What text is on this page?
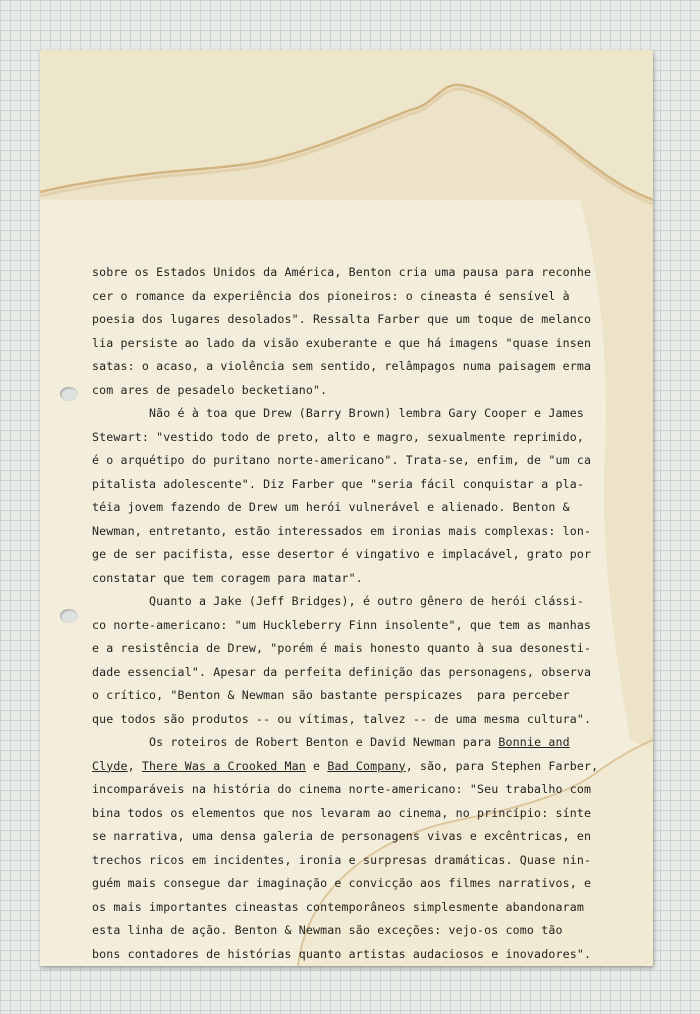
sobre os Estados Unidos da América, Benton cria uma pausa para reconhe
cer o romance da experiência dos pioneiros: o cineasta é sensível à
poesia dos lugares desolados". Ressalta Farber que um toque de melanco
lia persiste ao lado da visão exuberante e que há imagens "quase insen
satas: o acaso, a violência sem sentido, relâmpagos numa paisagem erma
com ares de pesadelo becketiano".
Não é à toa que Drew (Barry Brown) lembra Gary Cooper e James
Stewart: "vestido todo de preto, alto e magro, sexualmente reprimido,
é o arquétipo do puritano norte-americano". Trata-se, enfim, de "um ca
pitalista adolescente". Diz Farber que "seria fácil conquistar a pla-
téia jovem fazendo de Drew um herói vulnerável e alienado. Benton &
Newman, entretanto, estão interessados em ironias mais complexas: lon-
ge de ser pacifista, esse desertor é vingativo e implacável, grato por
constatar que tem coragem para matar".
Quanto a Jake (Jeff Bridges), é outro gênero de herói clássi-
co norte-americano: "um Huckleberry Finn insolente", que tem as manhas
e a resistência de Drew, "porém é mais honesto quanto à sua desonesti-
dade essencial". Apesar da perfeita definição das personagens, observa
o crítico, "Benton & Newman são bastante perspicazes  para perceber
que todos são produtos -- ou vítimas, talvez -- de uma mesma cultura".
Os roteiros de Robert Benton e David Newman para Bonnie and
Clyde, There Was a Crooked Man e Bad Company, são, para Stephen Farber,
incomparáveis na história do cinema norte-americano: "Seu trabalho com
bina todos os elementos que nos levaram ao cinema, no princípio: sínte
se narrativa, uma densa galeria de personagens vivas e excêntricas, en
trechos ricos em incidentes, ironia e surpresas dramáticas. Quase nin-
guém mais consegue dar imaginação e convicção aos filmes narrativos, e
os mais importantes cineastas contemporâneos simplesmente abandonaram
esta linha de ação. Benton & Newman são exceções: vejo-os como tão
bons contadores de histórias quanto artistas audaciosos e inovadores".
